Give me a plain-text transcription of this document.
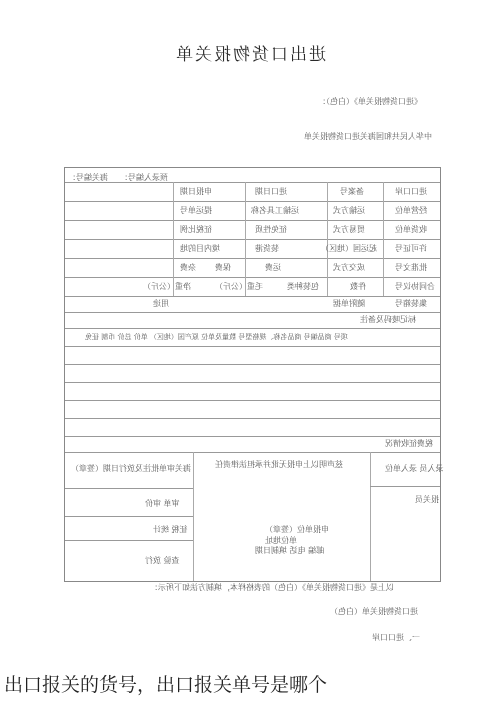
进出口货物报关单
《进口货物报关单》（白色）：
中华人民共和国海关进口货物报关单
海关编号： 预录入编号：
进口口岸
备案号
进口日期
申报日期
经营单位
运输方式
运输工具名称
提运单号
收货单位
贸易方式
征免性质
征税比例
许可证号
起运国（地区）
装货港
境内目的地
批准文号
成交方式
运费
保费
杂费
合同协议号
件数
包装种类
毛重（公斤）
净重（公斤）
集装箱号
随附单据
用途
标记唛码及备注
项号 商品编号 商品名称、规格型号 数量及单位 原产国（地区） 单价 总价 币制 征免
税费征收情况
录入员 录入单位
兹声明以上申报无讹并承担法律责任
海关审单批注及放行日期（签章）
报关员
审单 审价
申报单位（签章）
征税 统计
单位地址
邮编 电话 填制日期
查验 放行
以上是《进口货物报关单》（白色）的表格样本，填制方法如下所示：
进口货物报关单（白色）
一、进口口岸
出口报关的货号，出口报关单号是哪个
